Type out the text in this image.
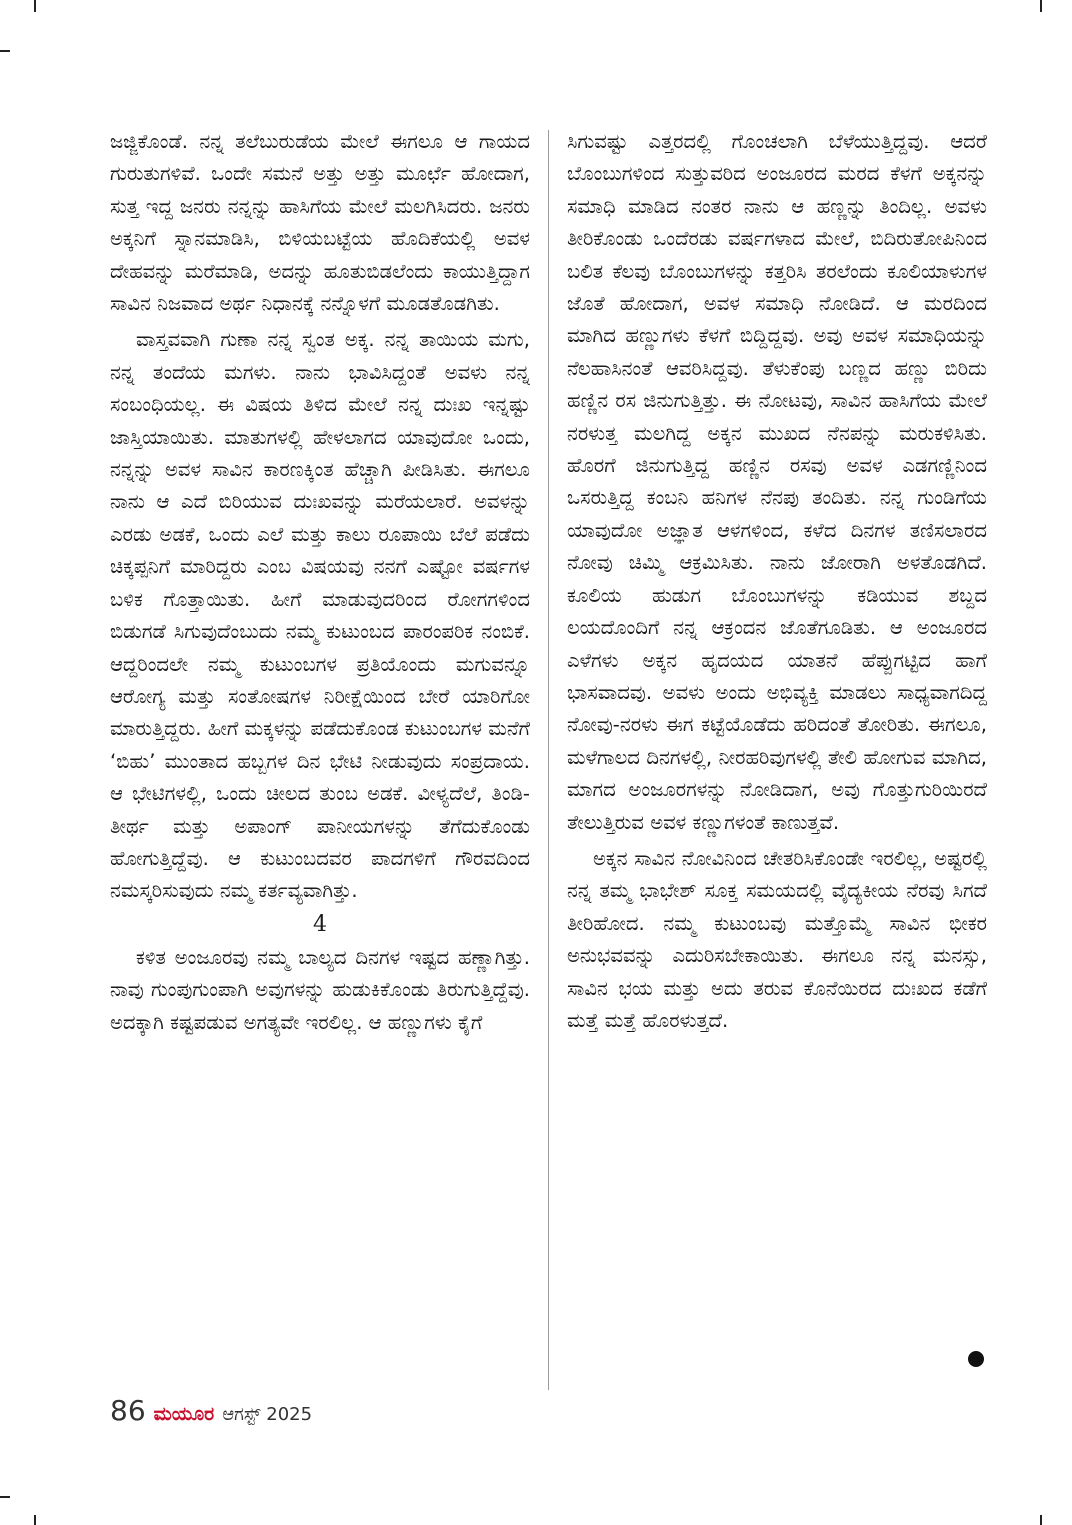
ಜಜ್ಜಿಕೊಂಡೆ. ನನ್ನ ತಲೆಬುರುಡೆಯ ಮೇಲೆ ಈಗಲೂ ಆ ಗಾಯದ ಗುರುತುಗಳಿವೆ. ಒಂದೇ ಸಮನೆ ಅತ್ತು ಅತ್ತು ಮೂರ್ಛೆ ಹೋದಾಗ, ಸುತ್ತ ಇದ್ದ ಜನರು ನನ್ನನ್ನು ಹಾಸಿಗೆಯ ಮೇಲೆ ಮಲಗಿಸಿದರು. ಜನರು ಅಕ್ಕನಿಗೆ ಸ್ನಾನಮಾಡಿಸಿ, ಬಿಳಿಯಬಟ್ಟೆಯ ಹೊದಿಕೆಯಲ್ಲಿ ಅವಳ ದೇಹವನ್ನು ಮರೆಮಾಡಿ, ಅದನ್ನು ಹೂತುಬಿಡಲೆಂದು ಕಾಯುತ್ತಿದ್ದಾಗ ಸಾವಿನ ನಿಜವಾದ ಅರ್ಥ ನಿಧಾನಕ್ಕೆ ನನ್ನೊಳಗೆ ಮೂಡತೊಡಗಿತು.

ವಾಸ್ತವವಾಗಿ ಗುಣಾ ನನ್ನ ಸ್ವಂತ ಅಕ್ಕ. ನನ್ನ ತಾಯಿಯ ಮಗು, ನನ್ನ ತಂದೆಯ ಮಗಳು. ನಾನು ಭಾವಿಸಿದ್ದಂತೆ ಅವಳು ನನ್ನ ಸಂಬಂಧಿಯಲ್ಲ. ಈ ವಿಷಯ ತಿಳಿದ ಮೇಲೆ ನನ್ನ ದುಃಖ ಇನ್ನಷ್ಟು ಜಾಸ್ತಿಯಾಯಿತು. ಮಾತುಗಳಲ್ಲಿ ಹೇಳಲಾಗದ ಯಾವುದೋ ಒಂದು, ನನ್ನನ್ನು ಅವಳ ಸಾವಿನ ಕಾರಣಕ್ಕಿಂತ ಹೆಚ್ಚಾಗಿ ಪೀಡಿಸಿತು. ಈಗಲೂ ನಾನು ಆ ಎದೆ ಬಿರಿಯುವ ದುಃಖವನ್ನು ಮರೆಯಲಾರೆ. ಅವಳನ್ನು ಎರಡು ಅಡಕೆ, ಒಂದು ಎಲೆ ಮತ್ತು ಕಾಲು ರೂಪಾಯಿ ಬೆಲೆ ಪಡೆದು ಚಿಕ್ಕಪ್ಪನಿಗೆ ಮಾರಿದ್ದರು ಎಂಬ ವಿಷಯವು ನನಗೆ ಎಷ್ಟೋ ವರ್ಷಗಳ ಬಳಿಕ ಗೊತ್ತಾಯಿತು. ಹೀಗೆ ಮಾಡುವುದರಿಂದ ರೋಗಗಳಿಂದ ಬಿಡುಗಡೆ ಸಿಗುವುದೆಂಬುದು ನಮ್ಮ ಕುಟುಂಬದ ಪಾರಂಪರಿಕ ನಂಬಿಕೆ. ಆದ್ದರಿಂದಲೇ ನಮ್ಮ ಕುಟುಂಬಗಳ ಪ್ರತಿಯೊಂದು ಮಗುವನ್ನೂ ಆರೋಗ್ಯ ಮತ್ತು ಸಂತೋಷಗಳ ನಿರೀಕ್ಷೆಯಿಂದ ಬೇರೆ ಯಾರಿಗೋ ಮಾರುತ್ತಿದ್ದರು. ಹೀಗೆ ಮಕ್ಕಳನ್ನು ಪಡೆದುಕೊಂಡ ಕುಟುಂಬಗಳ ಮನೆಗೆ ‘ಬಿಹು’ ಮುಂತಾದ ಹಬ್ಬಗಳ ದಿನ ಭೇಟಿ ನೀಡುವುದು ಸಂಪ್ರದಾಯ. ಆ ಭೇಟಿಗಳಲ್ಲಿ, ಒಂದು ಚೀಲದ ತುಂಬ ಅಡಕೆ. ವೀಳ್ಯದೆಲೆ, ತಿಂಡಿ-ತೀರ್ಥ ಮತ್ತು ಅಪಾಂಗ್ ಪಾನೀಯಗಳನ್ನು ತೆಗೆದುಕೊಂಡು ಹೋಗುತ್ತಿದ್ದೆವು. ಆ ಕುಟುಂಬದವರ ಪಾದಗಳಿಗೆ ಗೌರವದಿಂದ ನಮಸ್ಕರಿಸುವುದು ನಮ್ಮ ಕರ್ತವ್ಯವಾಗಿತ್ತು.

4

ಕಳಿತ ಅಂಜೂರವು ನಮ್ಮ ಬಾಲ್ಯದ ದಿನಗಳ ಇಷ್ಟದ ಹಣ್ಣಾಗಿತ್ತು. ನಾವು ಗುಂಪುಗುಂಪಾಗಿ ಅವುಗಳನ್ನು ಹುಡುಕಿಕೊಂಡು ತಿರುಗುತ್ತಿದ್ದೆವು. ಅದಕ್ಕಾಗಿ ಕಷ್ಟಪಡುವ ಅಗತ್ಯವೇ ಇರಲಿಲ್ಲ. ಆ ಹಣ್ಣುಗಳು ಕೈಗೆ

ಸಿಗುವಷ್ಟು ಎತ್ತರದಲ್ಲಿ ಗೊಂಚಲಾಗಿ ಬೆಳೆಯುತ್ತಿದ್ದವು. ಆದರೆ ಬೊಂಬುಗಳಿಂದ ಸುತ್ತುವರಿದ ಅಂಜೂರದ ಮರದ ಕೆಳಗೆ ಅಕ್ಕನನ್ನು ಸಮಾಧಿ ಮಾಡಿದ ನಂತರ ನಾನು ಆ ಹಣ್ಣನ್ನು ತಿಂದಿಲ್ಲ. ಅವಳು ತೀರಿಕೊಂಡು ಒಂದೆರಡು ವರ್ಷಗಳಾದ ಮೇಲೆ, ಬಿದಿರುತೋಪಿನಿಂದ ಬಲಿತ ಕೆಲವು ಬೊಂಬುಗಳನ್ನು ಕತ್ತರಿಸಿ ತರಲೆಂದು ಕೂಲಿಯಾಳುಗಳ ಜೊತೆ ಹೋದಾಗ, ಅವಳ ಸಮಾಧಿ ನೋಡಿದೆ. ಆ ಮರದಿಂದ ಮಾಗಿದ ಹಣ್ಣುಗಳು ಕೆಳಗೆ ಬಿದ್ದಿದ್ದವು. ಅವು ಅವಳ ಸಮಾಧಿಯನ್ನು ನೆಲಹಾಸಿನಂತೆ ಆವರಿಸಿದ್ದವು. ತೆಳುಕೆಂಪು ಬಣ್ಣದ ಹಣ್ಣು ಬಿರಿದು ಹಣ್ಣಿನ ರಸ ಜಿನುಗುತ್ತಿತ್ತು. ಈ ನೋಟವು, ಸಾವಿನ ಹಾಸಿಗೆಯ ಮೇಲೆ ನರಳುತ್ತ ಮಲಗಿದ್ದ ಅಕ್ಕನ ಮುಖದ ನೆನಪನ್ನು ಮರುಕಳಿಸಿತು. ಹೊರಗೆ ಜಿನುಗುತ್ತಿದ್ದ ಹಣ್ಣಿನ ರಸವು ಅವಳ ಎಡಗಣ್ಣಿನಿಂದ ಒಸರುತ್ತಿದ್ದ ಕಂಬನಿ ಹನಿಗಳ ನೆನಪು ತಂದಿತು. ನನ್ನ ಗುಂಡಿಗೆಯ ಯಾವುದೋ ಅಜ್ಞಾತ ಆಳಗಳಿಂದ, ಕಳೆದ ದಿನಗಳ ತಣಿಸಲಾರದ ನೋವು ಚಿಮ್ಮಿ ಆಕ್ರಮಿಸಿತು. ನಾನು ಜೋರಾಗಿ ಅಳತೊಡಗಿದೆ. ಕೂಲಿಯ ಹುಡುಗ ಬೊಂಬುಗಳನ್ನು ಕಡಿಯುವ ಶಬ್ದದ ಲಯದೊಂದಿಗೆ ನನ್ನ ಆಕ್ರಂದನ ಜೊತೆಗೂಡಿತು. ಆ ಅಂಜೂರದ ಎಳೆಗಳು ಅಕ್ಕನ ಹೃದಯದ ಯಾತನೆ ಹೆಪ್ಪುಗಟ್ಟಿದ ಹಾಗೆ ಭಾಸವಾದವು. ಅವಳು ಅಂದು ಅಭಿವ್ಯಕ್ತಿ ಮಾಡಲು ಸಾಧ್ಯವಾಗದಿದ್ದ ನೋವು-ನರಳು ಈಗ ಕಟ್ಟೆಯೊಡೆದು ಹರಿದಂತೆ ತೋರಿತು. ಈಗಲೂ, ಮಳೆಗಾಲದ ದಿನಗಳಲ್ಲಿ, ನೀರಹರಿವುಗಳಲ್ಲಿ ತೇಲಿ ಹೋಗುವ ಮಾಗಿದ, ಮಾಗದ ಅಂಜೂರಗಳನ್ನು ನೋಡಿದಾಗ, ಅವು ಗೊತ್ತುಗುರಿಯಿರದೆ ತೇಲುತ್ತಿರುವ ಅವಳ ಕಣ್ಣುಗಳಂತೆ ಕಾಣುತ್ತವೆ.

ಅಕ್ಕನ ಸಾವಿನ ನೋವಿನಿಂದ ಚೇತರಿಸಿಕೊಂಡೇ ಇರಲಿಲ್ಲ, ಅಷ್ಟರಲ್ಲಿ ನನ್ನ ತಮ್ಮ ಭಾಭೇಶ್ ಸೂಕ್ತ ಸಮಯದಲ್ಲಿ ವೈದ್ಯಕೀಯ ನೆರವು ಸಿಗದೆ ತೀರಿಹೋದ. ನಮ್ಮ ಕುಟುಂಬವು ಮತ್ತೊಮ್ಮೆ ಸಾವಿನ ಭೀಕರ ಅನುಭವವನ್ನು ಎದುರಿಸಬೇಕಾಯಿತು. ಈಗಲೂ ನನ್ನ ಮನಸ್ಸು, ಸಾವಿನ ಭಯ ಮತ್ತು ಅದು ತರುವ ಕೊನೆಯಿರದ ದುಃಖದ ಕಡೆಗೆ ಮತ್ತೆ ಮತ್ತೆ ಹೊರಳುತ್ತದೆ.

86 ಮಯೂರ ಆಗಸ್ಟ್ 2025
